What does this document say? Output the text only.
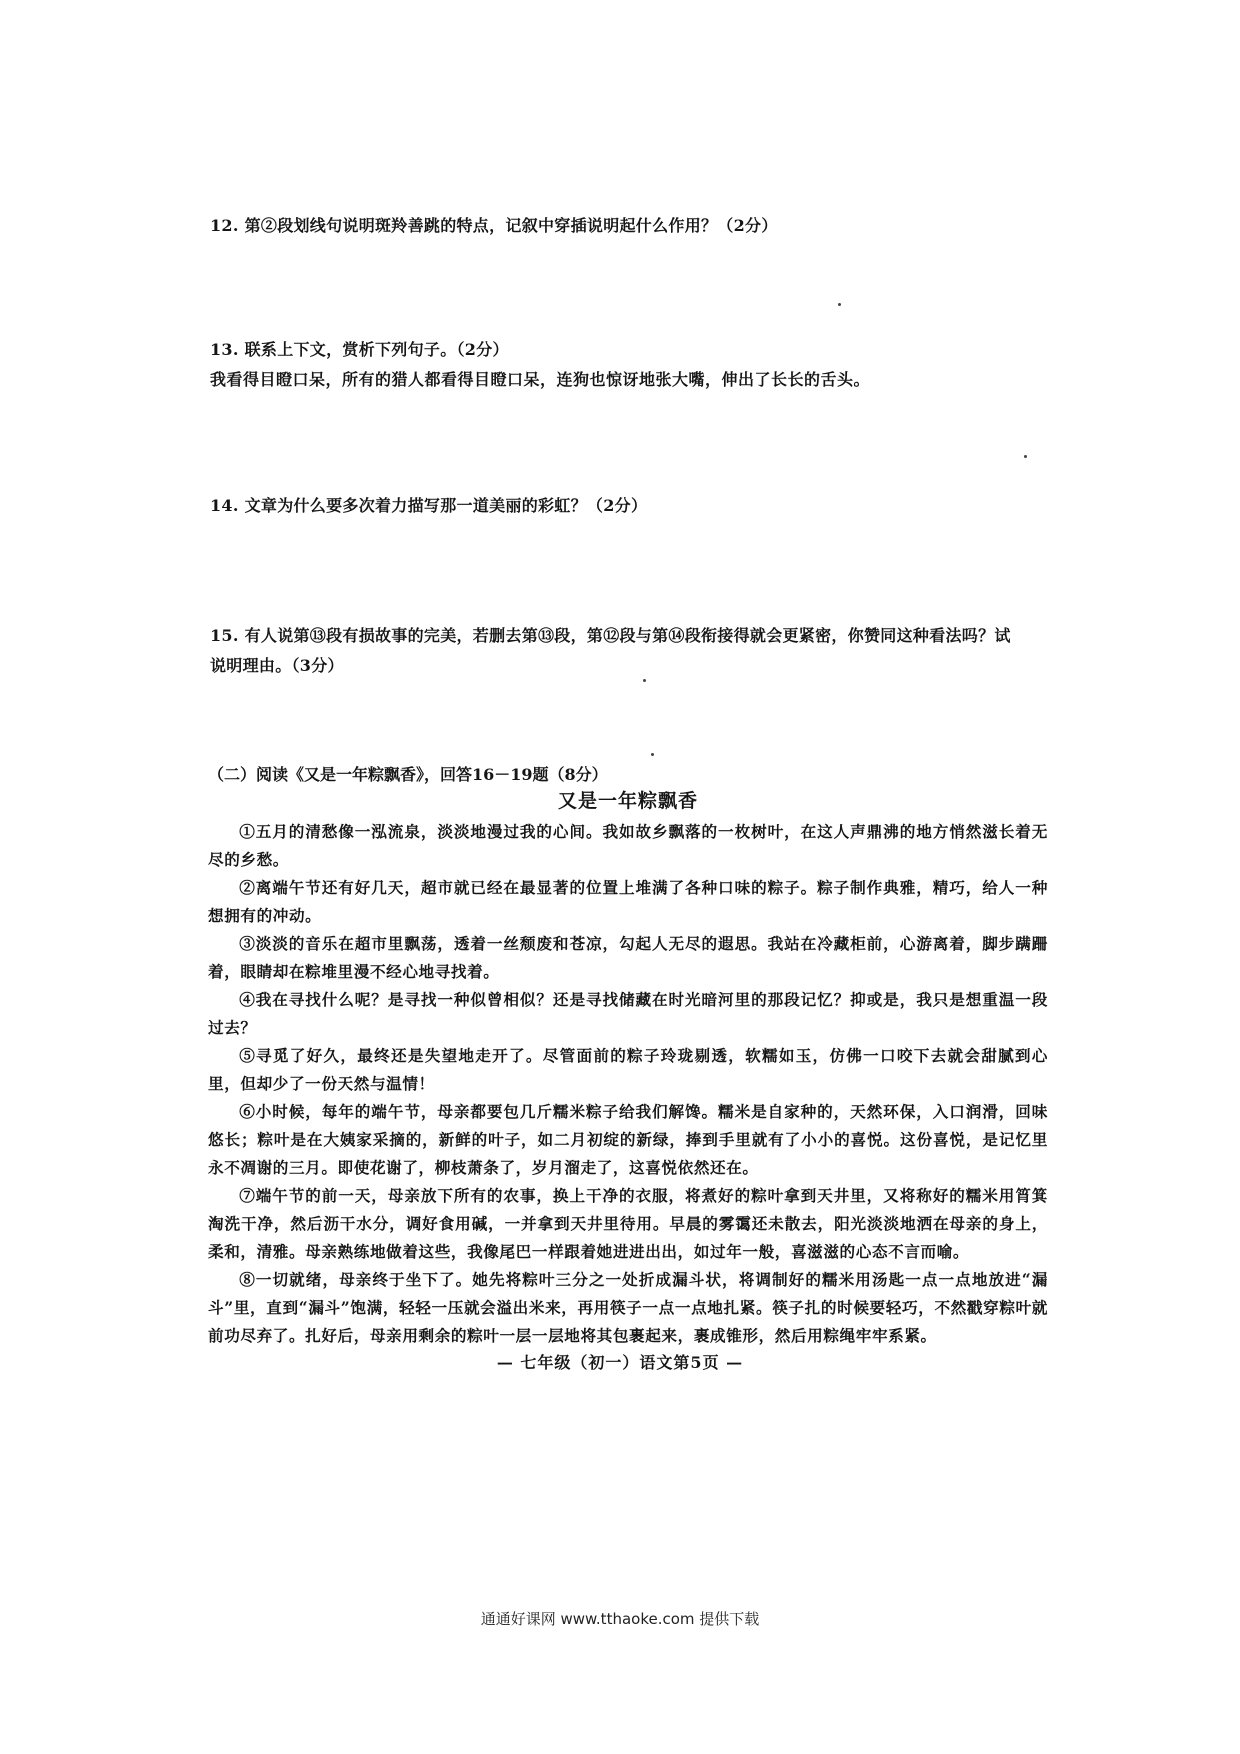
12. 第②段划线句说明斑羚善跳的特点，记叙中穿插说明起什么作用？（2分）
13. 联系上下文，赏析下列句子。（2分）
我看得目瞪口呆，所有的猎人都看得目瞪口呆，连狗也惊讶地张大嘴，伸出了长长的舌头。
14. 文章为什么要多次着力描写那一道美丽的彩虹？（2分）
15. 有人说第⑬段有损故事的完美，若删去第⑬段，第⑫段与第⑭段衔接得就会更紧密，你赞同这种看法吗？试说明理由。（3分）

（二）阅读《又是一年粽飘香》，回答16－19题（8分）

又是一年粽飘香

①五月的清愁像一泓流泉，淡淡地漫过我的心间。我如故乡飘落的一枚树叶，在这人声鼎沸的地方悄然滋长着无尽的乡愁。

②离端午节还有好几天，超市就已经在最显著的位置上堆满了各种口味的粽子。粽子制作典雅，精巧，给人一种想拥有的冲动。

③淡淡的音乐在超市里飘荡，透着一丝颓废和苍凉，勾起人无尽的遐思。我站在冷藏柜前，心游离着，脚步蹒跚着，眼睛却在粽堆里漫不经心地寻找着。

④我在寻找什么呢？是寻找一种似曾相似？还是寻找储藏在时光暗河里的那段记忆？抑或是，我只是想重温一段过去？

⑤寻觅了好久，最终还是失望地走开了。尽管面前的粽子玲珑剔透，软糯如玉，仿佛一口咬下去就会甜腻到心里，但却少了一份天然与温情！

⑥小时候，每年的端午节，母亲都要包几斤糯米粽子给我们解馋。糯米是自家种的，天然环保，入口润滑，回味悠长；粽叶是在大姨家采摘的，新鲜的叶子，如二月初绽的新绿，捧到手里就有了小小的喜悦。这份喜悦，是记忆里永不凋谢的三月。即使花谢了，柳枝萧条了，岁月溜走了，这喜悦依然还在。

⑦端午节的前一天，母亲放下所有的农事，换上干净的衣服，将煮好的粽叶拿到天井里，又将称好的糯米用筲箕淘洗干净，然后沥干水分，调好食用碱，一并拿到天井里待用。早晨的雾霭还未散去，阳光淡淡地洒在母亲的身上，柔和，清雅。母亲熟练地做着这些，我像尾巴一样跟着她进进出出，如过年一般，喜滋滋的心态不言而喻。

⑧一切就绪，母亲终于坐下了。她先将粽叶三分之一处折成漏斗状，将调制好的糯米用汤匙一点一点地放进“漏斗”里，直到“漏斗”饱满，轻轻一压就会溢出米来，再用筷子一点一点地扎紧。筷子扎的时候要轻巧，不然戳穿粽叶就前功尽弃了。扎好后，母亲用剩余的粽叶一层一层地将其包裹起来，裹成锥形，然后用粽绳牢牢系紧。

— 七年级（初一）语文第5页 —
通通好课网 www.tthaoke.com 提供下载
